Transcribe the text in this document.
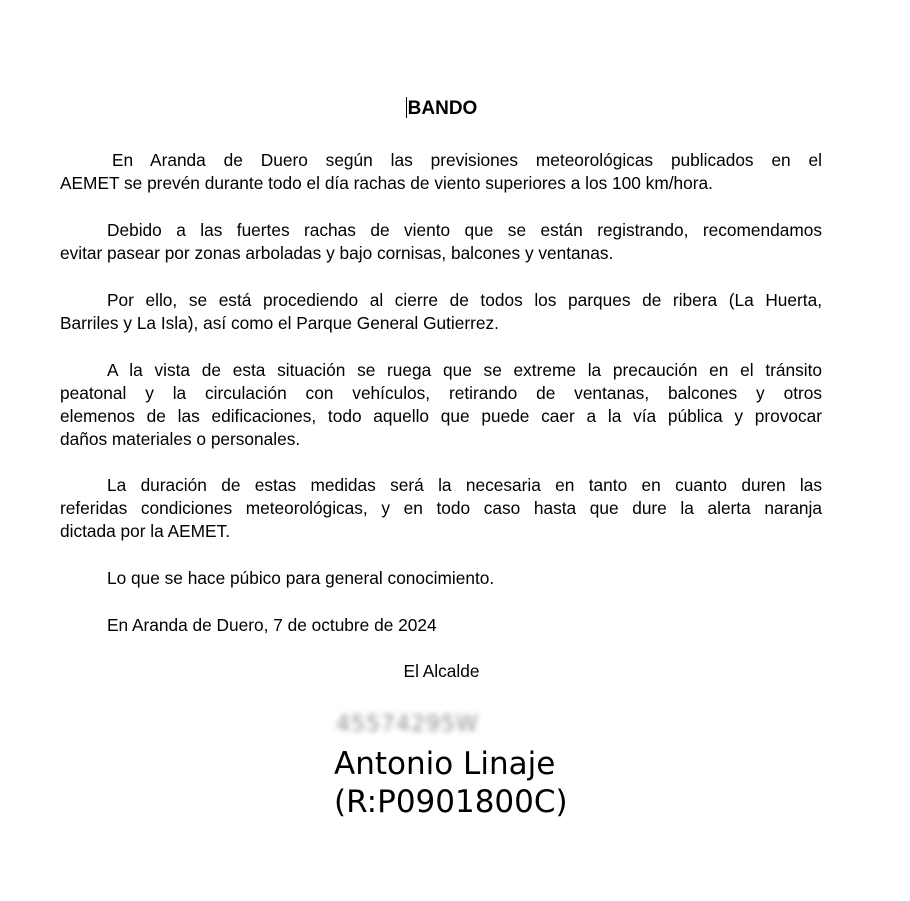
BANDO
En Aranda de Duero según las previsiones meteorológicas publicados en el
AEMET se prevén durante todo el día rachas de viento superiores a los 100 km/hora.
Debido a las fuertes rachas de viento que se están registrando, recomendamos
evitar pasear por zonas arboladas y bajo cornisas, balcones y ventanas.
Por ello, se está procediendo al cierre de todos los parques de ribera (La Huerta,
Barriles y La Isla), así como el Parque General Gutierrez.
A la vista de esta situación se ruega que se extreme la precaución en el tránsito
peatonal y la circulación con vehículos, retirando de ventanas, balcones y otros
elemenos de las edificaciones, todo aquello que puede caer a la vía pública y provocar
daños materiales o personales.
La duración de estas medidas será la necesaria en tanto en cuanto duren las
referidas condiciones meteorológicas, y en todo caso hasta que dure la alerta naranja
dictada por la AEMET.
Lo que se hace púbico para general conocimiento.
En Aranda de Duero, 7 de octubre de 2024
El Alcalde
45574295W
Antonio Linaje
(R:P0901800C)
